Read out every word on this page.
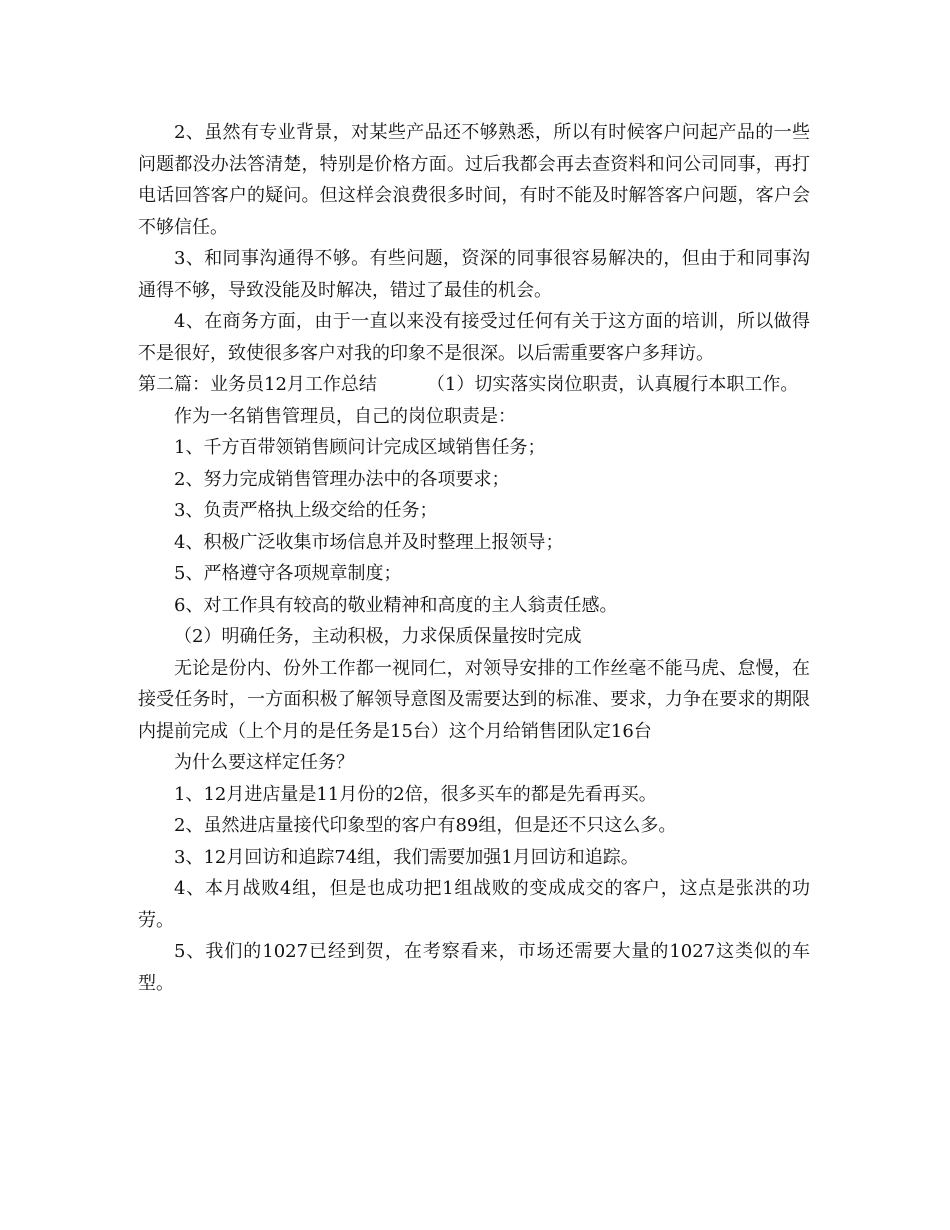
2、虽然有专业背景，对某些产品还不够熟悉，所以有时候客户问起产品的一些问题都没办法答清楚，特别是价格方面。过后我都会再去查资料和问公司同事，再打电话回答客户的疑问。但这样会浪费很多时间，有时不能及时解答客户问题，客户会不够信任。

3、和同事沟通得不够。有些问题，资深的同事很容易解决的，但由于和同事沟通得不够，导致没能及时解决，错过了最佳的机会。

4、在商务方面，由于一直以来没有接受过任何有关于这方面的培训，所以做得不是很好，致使很多客户对我的印象不是很深。以后需重要客户多拜访。

第二篇：业务员12月工作总结	（1）切实落实岗位职责，认真履行本职工作。

作为一名销售管理员，自己的岗位职责是：

1、千方百带领销售顾问计完成区域销售任务；

2、努力完成销售管理办法中的各项要求；

3、负责严格执上级交给的任务；

4、积极广泛收集市场信息并及时整理上报领导；

5、严格遵守各项规章制度；

6、对工作具有较高的敬业精神和高度的主人翁责任感。

（2）明确任务，主动积极，力求保质保量按时完成

无论是份内、份外工作都一视同仁，对领导安排的工作丝毫不能马虎、怠慢，在接受任务时，一方面积极了解领导意图及需要达到的标准、要求，力争在要求的期限内提前完成（上个月的是任务是15台）这个月给销售团队定16台

为什么要这样定任务？

1、12月进店量是11月份的2倍，很多买车的都是先看再买。

2、虽然进店量接代印象型的客户有89组，但是还不只这么多。

3、12月回访和追踪74组，我们需要加强1月回访和追踪。

4、本月战败4组，但是也成功把1组战败的变成成交的客户，这点是张洪的功劳。

5、我们的1027已经到贺，在考察看来，市场还需要大量的1027这类似的车型。
